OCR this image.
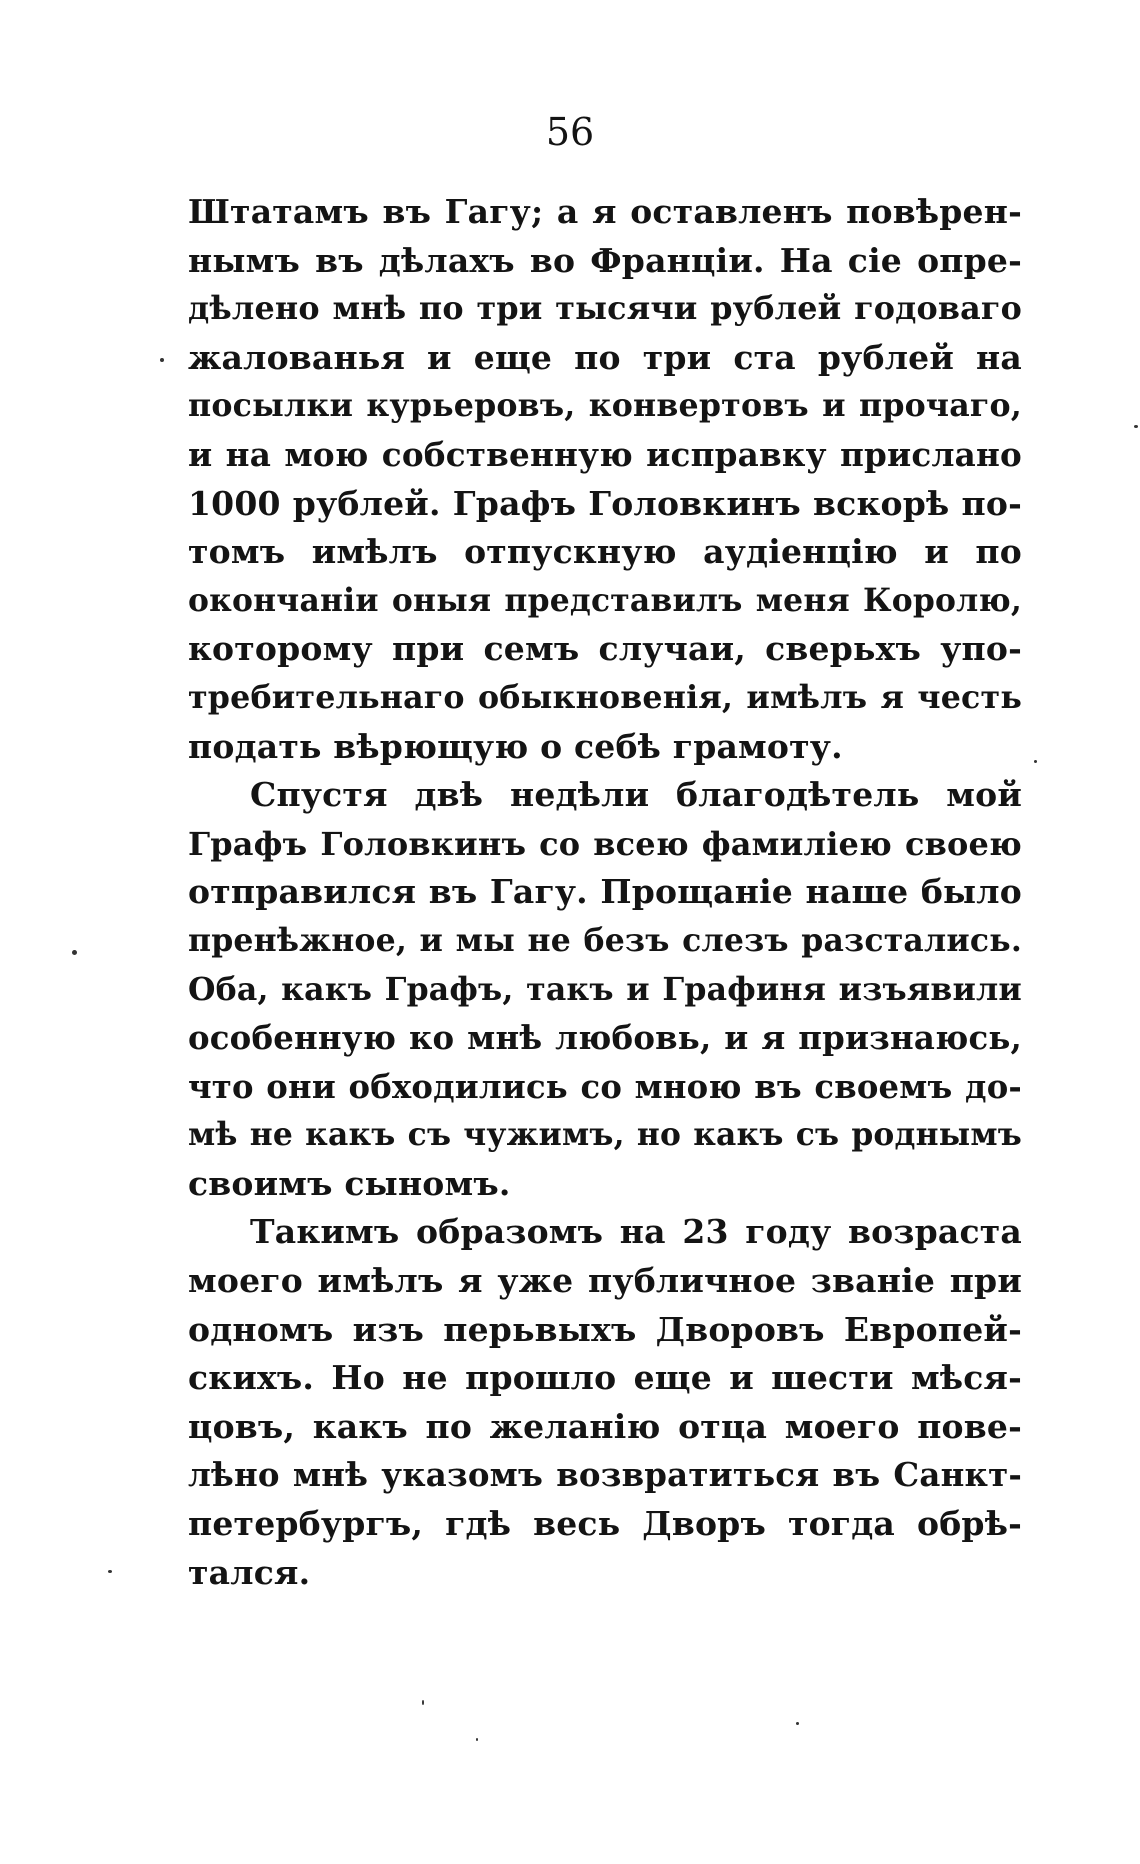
56
Штатамъ въ Гагу; а я оставленъ повѣрен-
нымъ въ дѣлахъ во Франціи. На сіе опре-
дѣлено мнѣ по три тысячи рублей годоваго
жалованья и еще по три ста рублей на
посылки курьеровъ, конвертовъ и прочаго,
и на мою собственную исправку прислано
1000 рублей. Графъ Головкинъ вскорѣ по-
томъ имѣлъ отпускную аудіенцію и по
окончаніи оныя представилъ меня Королю,
которому при семъ случаи, сверьхъ упо-
требительнаго обыкновенія, имѣлъ я честь
подать вѣрющую о себѣ грамоту.
Спустя двѣ недѣли благодѣтель мой
Графъ Головкинъ со всею фамиліею своею
отправился въ Гагу. Прощаніе наше было
пренѣжное, и мы не безъ слезъ разстались.
Оба, какъ Графъ, такъ и Графиня изъявили
особенную ко мнѣ любовь, и я признаюсь,
что они обходились со мною въ своемъ до-
мѣ не какъ съ чужимъ, но какъ съ роднымъ
своимъ сыномъ.
Такимъ образомъ на 23 году возраста
моего имѣлъ я уже публичное званіе при
одномъ изъ перьвыхъ Дворовъ Европей-
скихъ. Но не прошло еще и шести мѣся-
цовъ, какъ по желанію отца моего пове-
лѣно мнѣ указомъ возвратиться въ Санкт-
петербургъ, гдѣ весь Дворъ тогда обрѣ-
тался.
